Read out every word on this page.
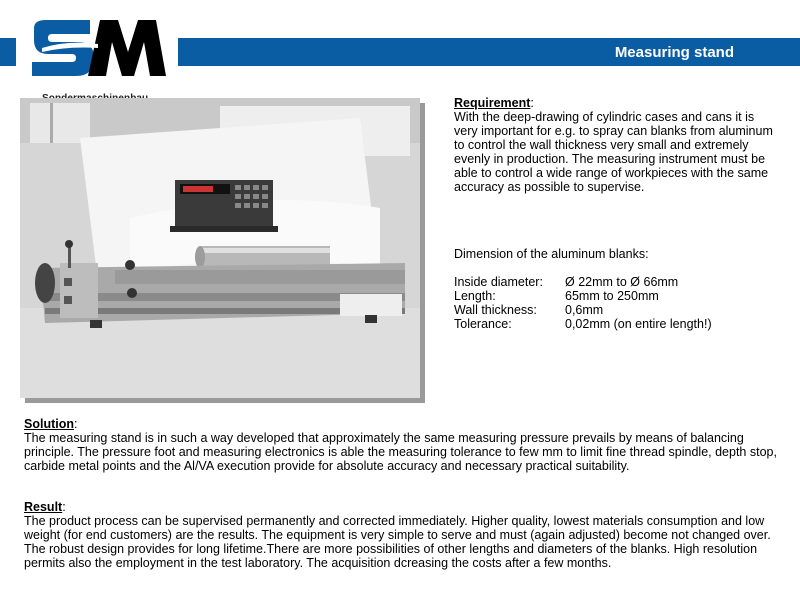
Measuring stand

Requirement:

With the deep-drawing of cylindric cases and cans it is very important for e.g. to spray can blanks from aluminum to control the wall thickness very small and extremely evenly in production. The measuring instrument must be able to control a wide range of workpieces with the same accuracy as possible to supervise.

Dimension of the aluminum blanks:
Inside diameter:	Ø 22mm to Ø 66mm
Length:	65mm to 250mm
Wall thickness:	0,6mm
Tolerance:	0,02mm (on entire length!)

Solution:

The measuring stand is in such a way developed that approximately the same measuring pressure prevails by means of balancing principle. The pressure foot and measuring electronics is able the measuring tolerance to few mm to limit fine thread spindle, depth stop, carbide metal points and the Al/VA execution provide for absolute accuracy and necessary practical suitability.

Result:

The product process can be supervised permanently and corrected immediately. Higher quality, lowest materials consumption and low weight (for end customers) are the results. The equipment is very simple to serve and must (again adjusted) become not changed over. The robust design provides for long lifetime.There are more possibilities of other lengths and diameters of the blanks. High resolution permits also the employment in the test laboratory. The acquisition dcreasing the costs after a few months.
